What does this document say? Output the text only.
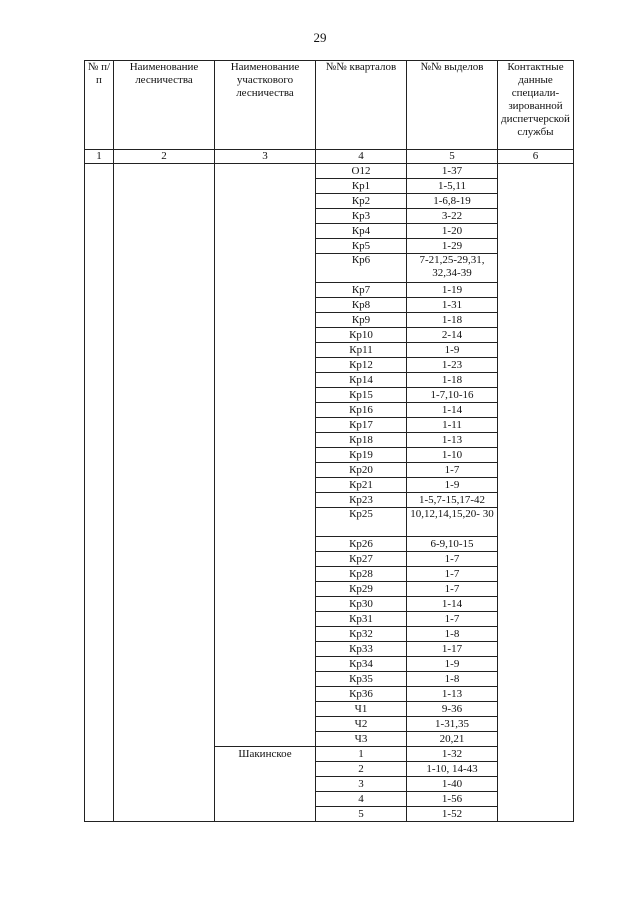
29
№ п/п	Наименование лесничества	Наименование участкового лесничества	№№ кварталов	№№ выделов	Контактные данные специали-зированной диспетчерской службы
1	2	3	4	5	6
			О12	1-37	
			Кр1	1-5,11	
			Кр2	1-6,8-19	
			Кр3	3-22	
			Кр4	1-20	
			Кр5	1-29	
			Кр6	7-21,25-29,31, 32,34-39	
			Кр7	1-19	
			Кр8	1-31	
			Кр9	1-18	
			Кр10	2-14	
			Кр11	1-9	
			Кр12	1-23	
			Кр14	1-18	
			Кр15	1-7,10-16	
			Кр16	1-14	
			Кр17	1-11	
			Кр18	1-13	
			Кр19	1-10	
			Кр20	1-7	
			Кр21	1-9	
			Кр23	1-5,7-15,17-42	
			Кр25	10,12,14,15,20- 30	
			Кр26	6-9,10-15	
			Кр27	1-7	
			Кр28	1-7	
			Кр29	1-7	
			Кр30	1-14	
			Кр31	1-7	
			Кр32	1-8	
			Кр33	1-17	
			Кр34	1-9	
			Кр35	1-8	
			Кр36	1-13	
			Ч1	9-36	
			Ч2	1-31,35	
			Ч3	20,21	
		Шакинское	1	1-32	
			2	1-10, 14-43	
			3	1-40	
			4	1-56	
			5	1-52	
